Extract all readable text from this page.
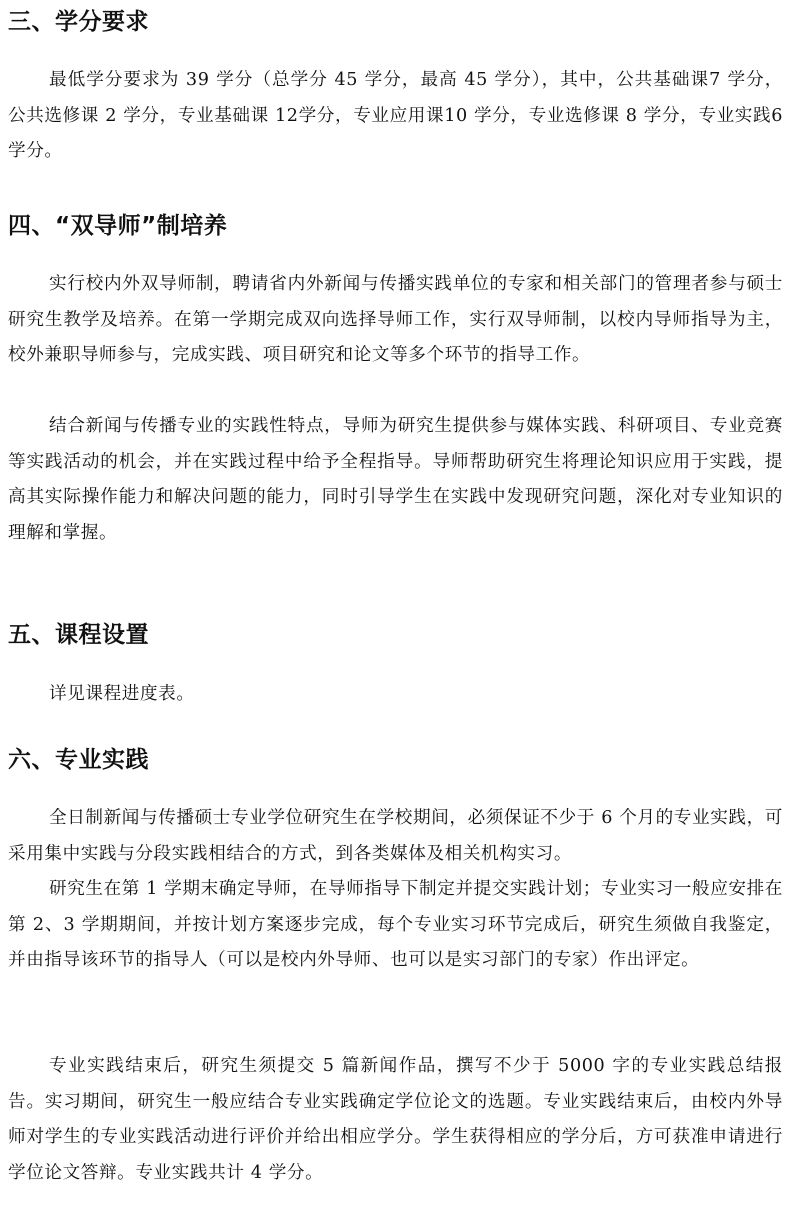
三、学分要求

最低学分要求为 39 学分（总学分 45 学分，最高 45 学分），其中，公共基础课7 学分，公共选修课 2 学分，专业基础课 12学分，专业应用课10 学分，专业选修课 8 学分，专业实践6学分。

四、“双导师”制培养

实行校内外双导师制，聘请省内外新闻与传播实践单位的专家和相关部门的管理者参与硕士研究生教学及培养。在第一学期完成双向选择导师工作，实行双导师制，以校内导师指导为主，校外兼职导师参与，完成实践、项目研究和论文等多个环节的指导工作。

结合新闻与传播专业的实践性特点，导师为研究生提供参与媒体实践、科研项目、专业竞赛等实践活动的机会，并在实践过程中给予全程指导。导师帮助研究生将理论知识应用于实践，提高其实际操作能力和解决问题的能力，同时引导学生在实践中发现研究问题，深化对专业知识的理解和掌握。

五、课程设置

详见课程进度表。

六、专业实践

全日制新闻与传播硕士专业学位研究生在学校期间，必须保证不少于 6 个月的专业实践，可采用集中实践与分段实践相结合的方式，到各类媒体及相关机构实习。

研究生在第 1 学期末确定导师，在导师指导下制定并提交实践计划；专业实习一般应安排在第 2、3 学期期间，并按计划方案逐步完成，每个专业实习环节完成后，研究生须做自我鉴定，并由指导该环节的指导人（可以是校内外导师、也可以是实习部门的专家）作出评定。

专业实践结束后，研究生须提交 5 篇新闻作品，撰写不少于 5000 字的专业实践总结报告。实习期间，研究生一般应结合专业实践确定学位论文的选题。专业实践结束后，由校内外导师对学生的专业实践活动进行评价并给出相应学分。学生获得相应的学分后，方可获准申请进行学位论文答辩。专业实践共计 4 学分。
